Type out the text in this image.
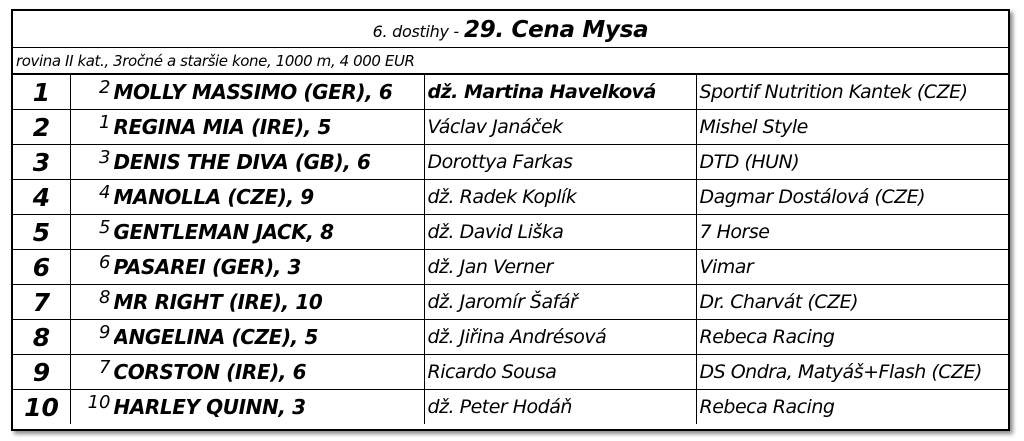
6. dostihy - 29. Cena Mysa
rovina II kat., 3ročné a staršie kone, 1000 m, 4 000 EUR
1	2	MOLLY MASSIMO (GER), 6	dž. Martina Havelková	Sportif Nutrition Kantek (CZE)
2	1	REGINA MIA (IRE), 5	Václav Janáček	Mishel Style
3	3	DENIS THE DIVA (GB), 6	Dorottya Farkas	DTD (HUN)
4	4	MANOLLA (CZE), 9	dž. Radek Koplík	Dagmar Dostálová (CZE)
5	5	GENTLEMAN JACK, 8	dž. David Liška	7 Horse
6	6	PASAREI (GER), 3	dž. Jan Verner	Vimar
7	8	MR RIGHT (IRE), 10	dž. Jaromír Šafář	Dr. Charvát (CZE)
8	9	ANGELINA (CZE), 5	dž. Jiřina Andrésová	Rebeca Racing
9	7	CORSTON (IRE), 6	Ricardo Sousa	DS Ondra, Matyáš+Flash (CZE)
10	10	HARLEY QUINN, 3	dž. Peter Hodáň	Rebeca Racing
